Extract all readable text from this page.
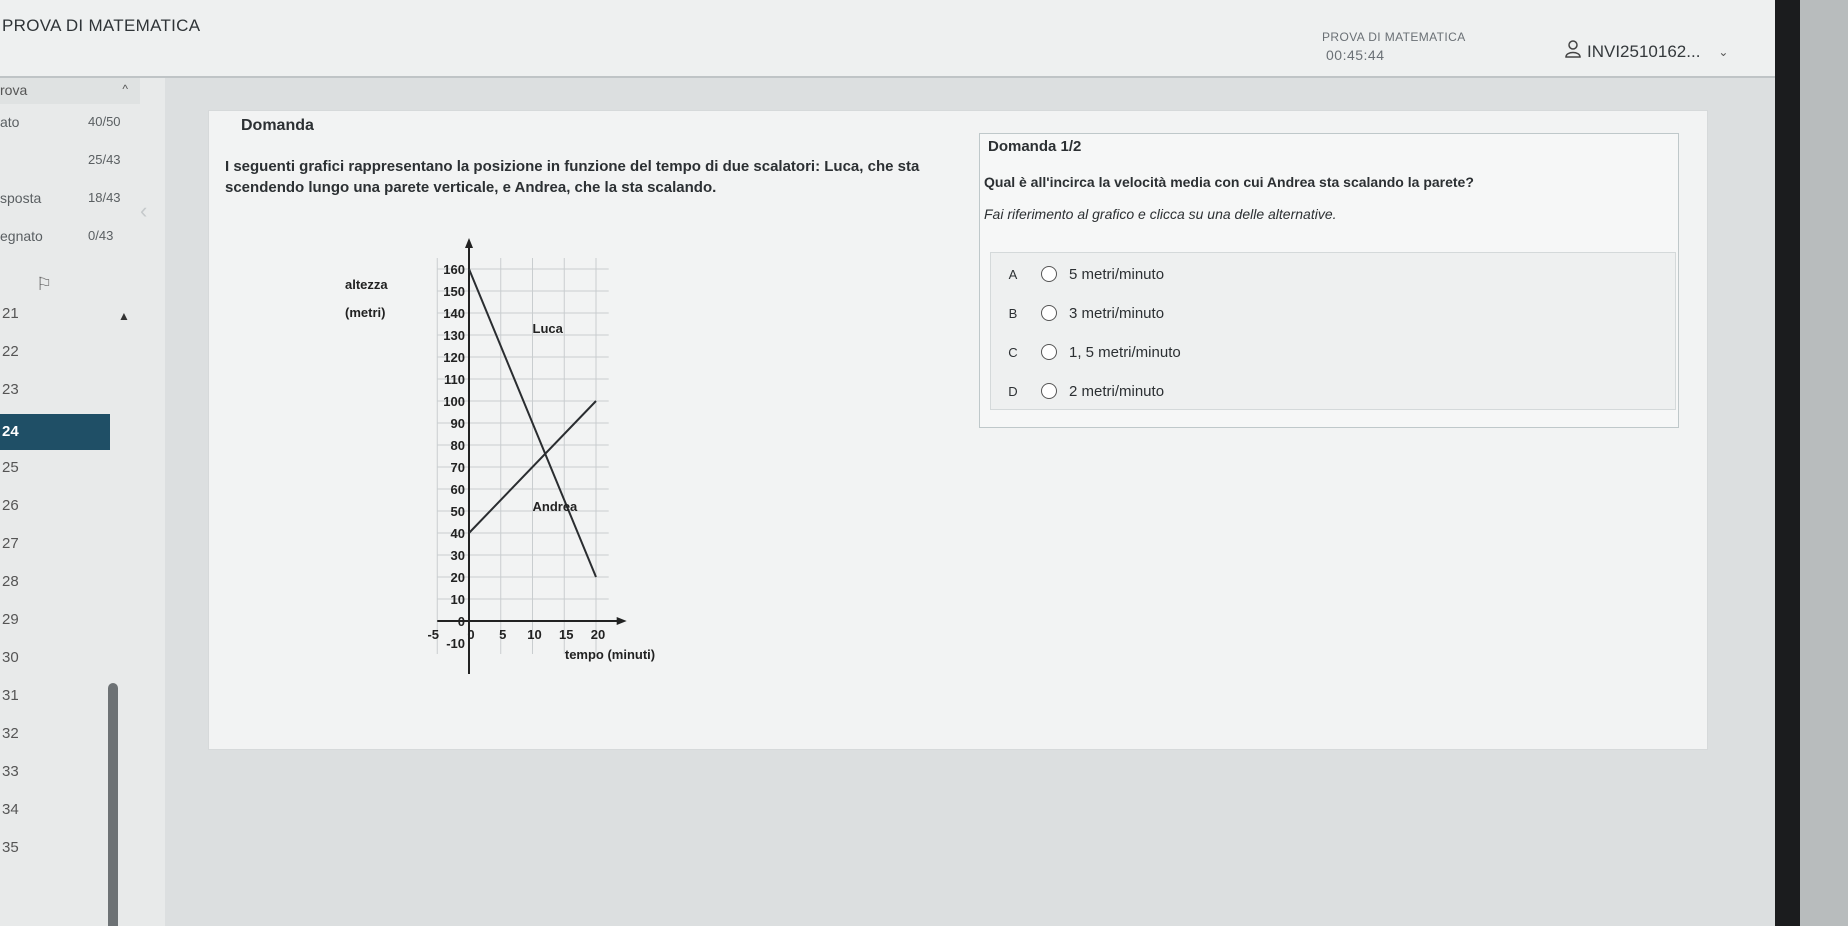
PROVA DI MATEMATICA
PROVA DI MATEMATICA
00:45:44	INVI2510162... ⌄
rova	^
ato	40/50
25/43
sposta	18/43
egnato	0/43
⚐
▲
‹
21
22
23
24
25
26
27
28
29
30
31
32
33
34
35
Domanda
I seguenti grafici rappresentano la posizione in funzione del tempo di due scalatori: Luca, che sta scendendo lungo una parete verticale, e Andrea, che la sta scalando.
160
150
140
130
120
110
100
90
80
70
60
50
40
30
20
10
0
-10
-5 0 5 10 15 20
altezza
(metri)
tempo (minuti)
Luca
Andrea
Domanda 1/2
Qual è all'incirca la velocità media con cui Andrea sta scalando la parete?
Fai riferimento al grafico e clicca su una delle alternative.
A	5 metri/minuto
B	3 metri/minuto
C	1, 5 metri/minuto
D	2 metri/minuto
